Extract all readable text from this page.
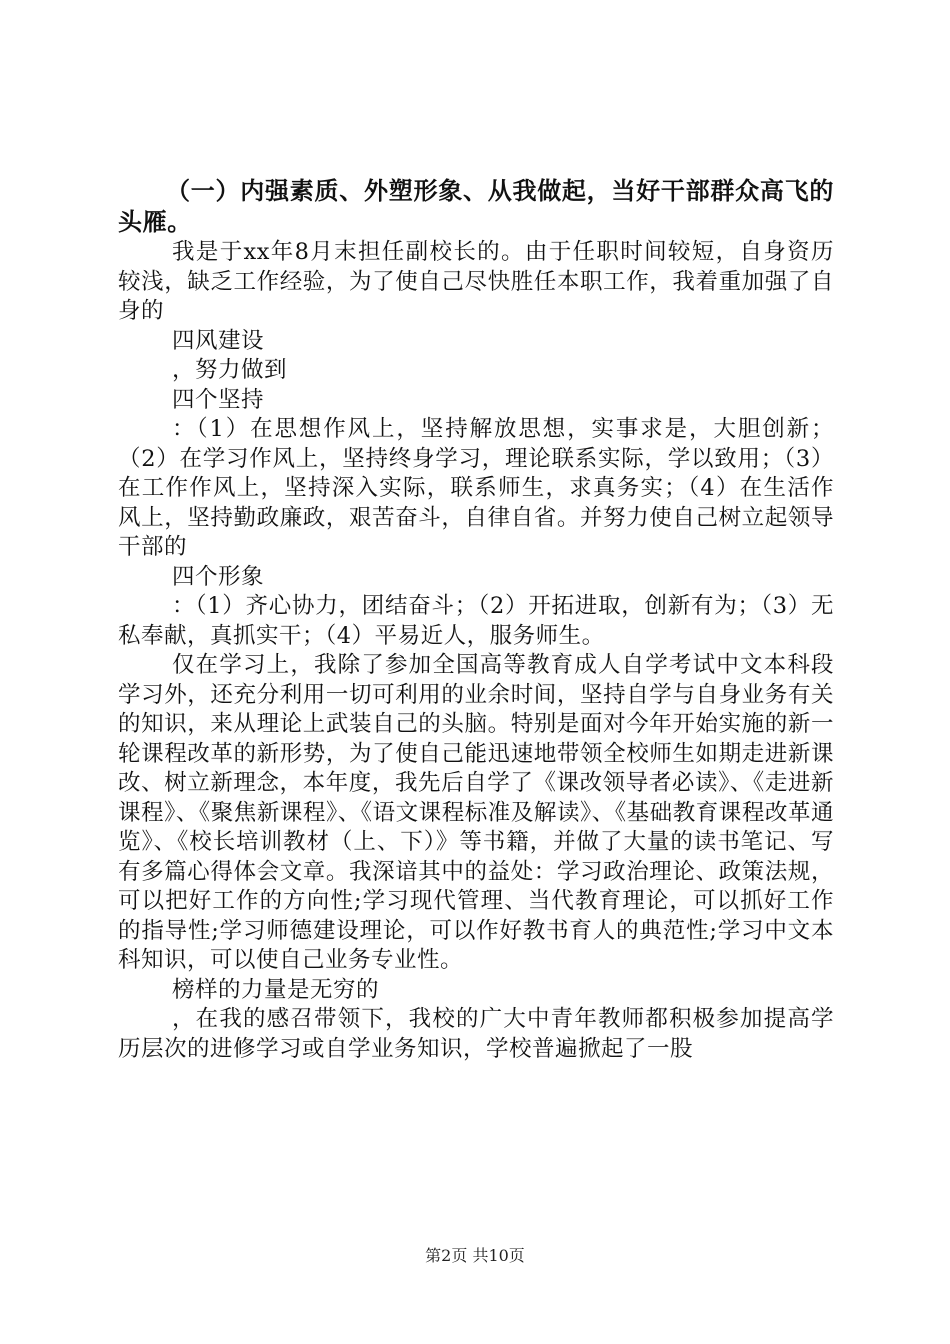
（一）内强素质、外塑形象、从我做起，当好干部群众高飞的头雁。

我是于xx年8月末担任副校长的。由于任职时间较短，自身资历较浅，缺乏工作经验，为了使自己尽快胜任本职工作，我着重加强了自身的

四风建设

，努力做到

四个坚持

：（1）在思想作风上，坚持解放思想，实事求是，大胆创新；（2）在学习作风上，坚持终身学习，理论联系实际，学以致用；（3）在工作作风上，坚持深入实际，联系师生，求真务实；（4）在生活作风上，坚持勤政廉政，艰苦奋斗，自律自省。并努力使自己树立起领导干部的

四个形象

：（1）齐心协力，团结奋斗；（2）开拓进取，创新有为；（3）无私奉献，真抓实干；（4）平易近人，服务师生。

仅在学习上，我除了参加全国高等教育成人自学考试中文本科段学习外，还充分利用一切可利用的业余时间，坚持自学与自身业务有关的知识，来从理论上武装自己的头脑。特别是面对今年开始实施的新一轮课程改革的新形势，为了使自己能迅速地带领全校师生如期走进新课改、树立新理念，本年度，我先后自学了《课改领导者必读》、《走进新课程》、《聚焦新课程》、《语文课程标准及解读》、《基础教育课程改革通览》、《校长培训教材（上、下）》等书籍，并做了大量的读书笔记、写有多篇心得体会文章。我深谙其中的益处：学习政治理论、政策法规，可以把好工作的方向性;学习现代管理、当代教育理论，可以抓好工作的指导性;学习师德建设理论，可以作好教书育人的典范性;学习中文本科知识，可以使自己业务专业性。

榜样的力量是无穷的

，在我的感召带领下，我校的广大中青年教师都积极参加提高学历层次的进修学习或自学业务知识，学校普遍掀起了一股

第2页 共10页
